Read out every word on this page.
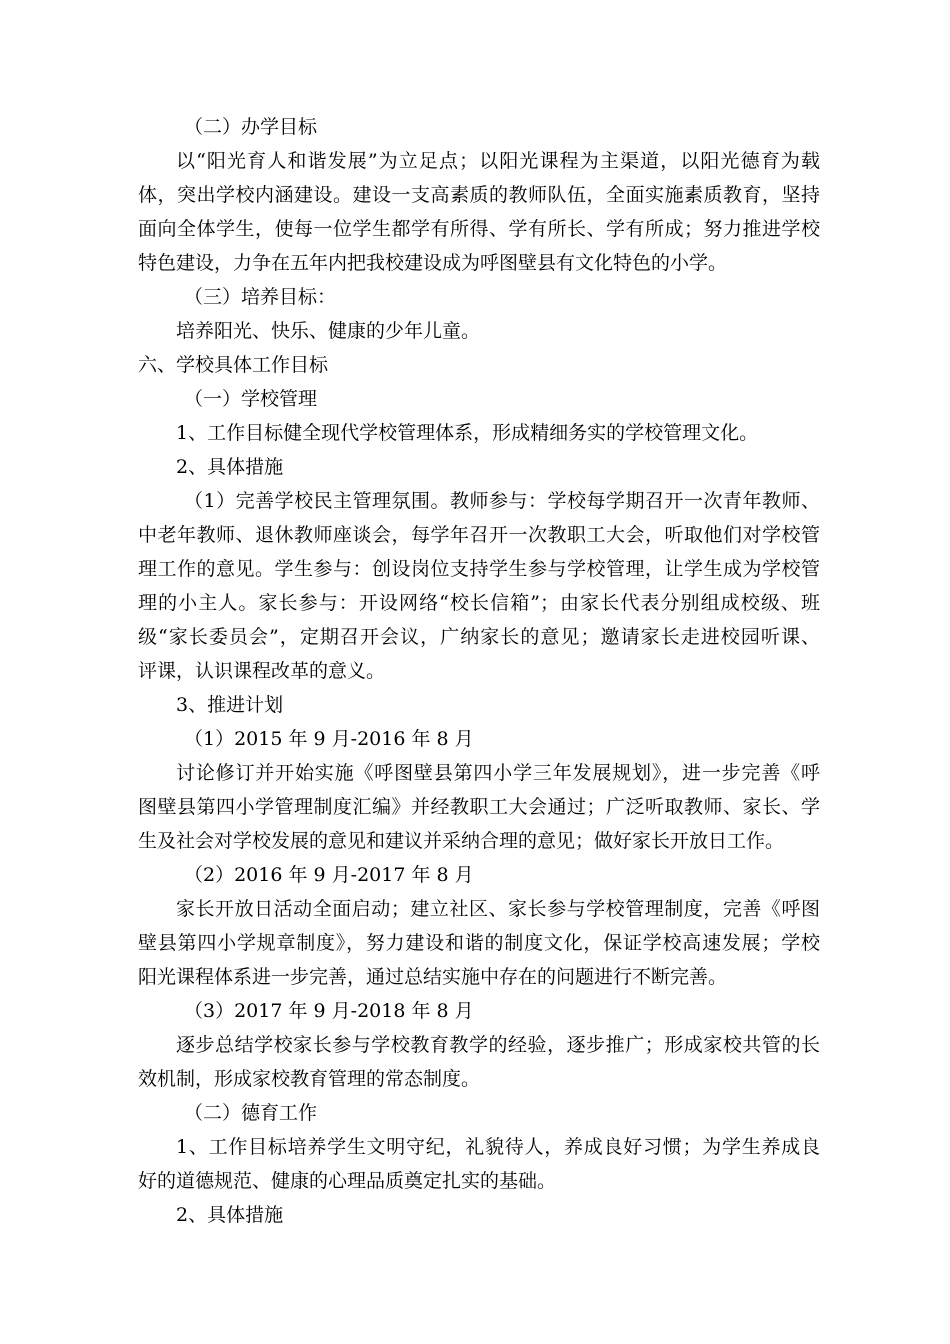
（二）办学目标
以“阳光育人和谐发展”为立足点；以阳光课程为主渠道，以阳光德育为载
体，突出学校内涵建设。建设一支高素质的教师队伍，全面实施素质教育，坚持
面向全体学生，使每一位学生都学有所得、学有所长、学有所成；努力推进学校
特色建设，力争在五年内把我校建设成为呼图壁县有文化特色的小学。
（三）培养目标：
培养阳光、快乐、健康的少年儿童。
六、学校具体工作目标
（一）学校管理
1、工作目标健全现代学校管理体系，形成精细务实的学校管理文化。
2、具体措施
（1）完善学校民主管理氛围。教师参与：学校每学期召开一次青年教师、
中老年教师、退休教师座谈会，每学年召开一次教职工大会，听取他们对学校管
理工作的意见。学生参与：创设岗位支持学生参与学校管理，让学生成为学校管
理的小主人。家长参与：开设网络“校长信箱”；由家长代表分别组成校级、班
级“家长委员会”，定期召开会议，广纳家长的意见；邀请家长走进校园听课、
评课，认识课程改革的意义。
3、推进计划
（1）2015 年 9 月-2016 年 8 月
讨论修订并开始实施《呼图壁县第四小学三年发展规划》，进一步完善《呼
图壁县第四小学管理制度汇编》并经教职工大会通过；广泛听取教师、家长、学
生及社会对学校发展的意见和建议并采纳合理的意见；做好家长开放日工作。
（2）2016 年 9 月-2017 年 8 月
家长开放日活动全面启动；建立社区、家长参与学校管理制度，完善《呼图
壁县第四小学规章制度》，努力建设和谐的制度文化，保证学校高速发展；学校
阳光课程体系进一步完善，通过总结实施中存在的问题进行不断完善。
（3）2017 年 9 月-2018 年 8 月
逐步总结学校家长参与学校教育教学的经验，逐步推广；形成家校共管的长
效机制，形成家校教育管理的常态制度。
（二）德育工作
1、工作目标培养学生文明守纪，礼貌待人，养成良好习惯；为学生养成良
好的道德规范、健康的心理品质奠定扎实的基础。
2、具体措施
